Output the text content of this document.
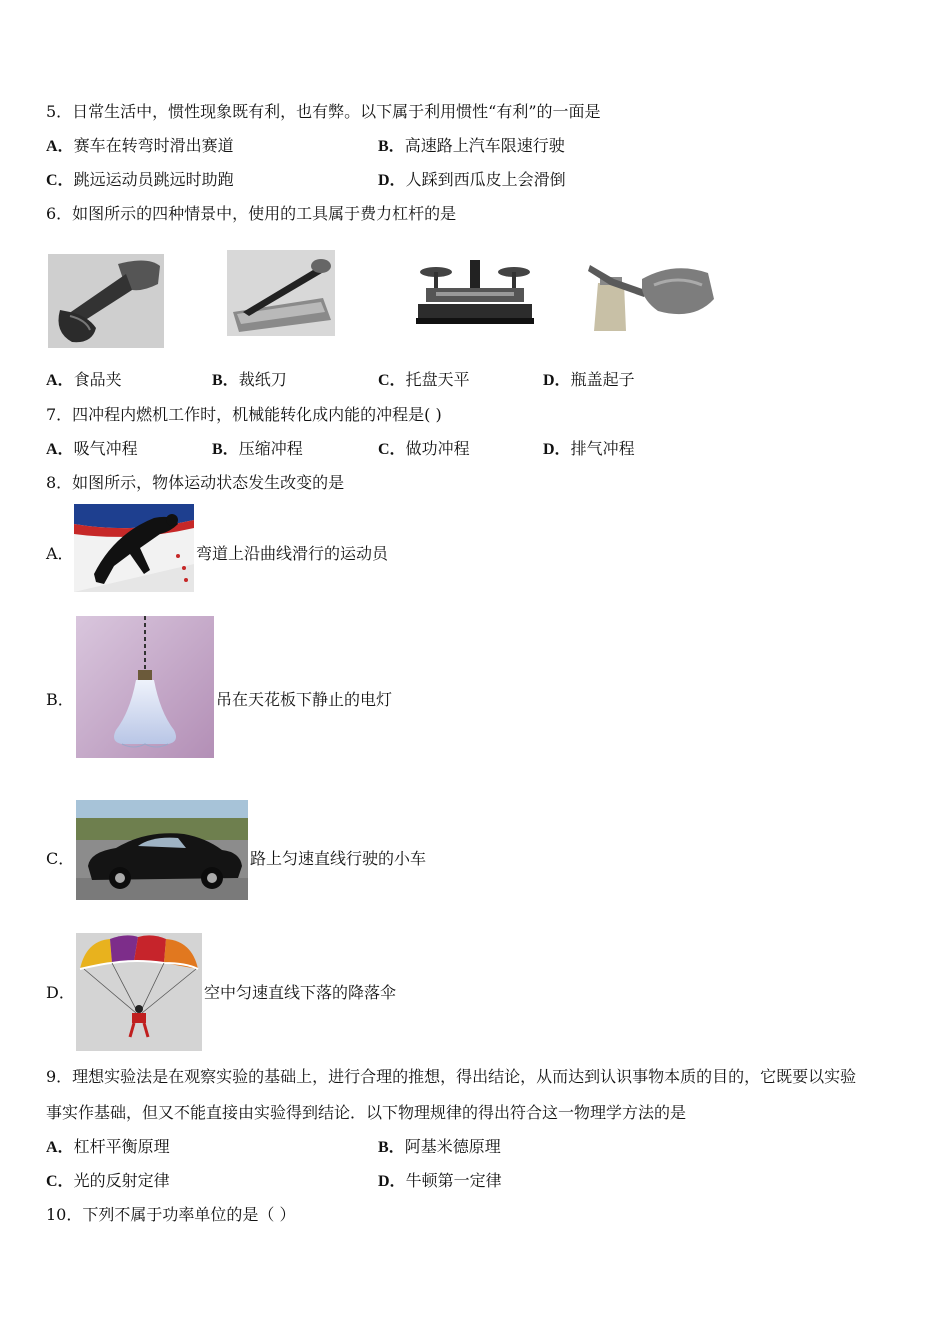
5．日常生活中，惯性现象既有利，也有弊。以下属于利用惯性“有利”的一面是
A．赛车在转弯时滑出赛道	B．高速路上汽车限速行驶
C．跳远运动员跳远时助跑	D．人踩到西瓜皮上会滑倒
6．如图所示的四种情景中，使用的工具属于费力杠杆的是
A．食品夹	B．裁纸刀	C．托盘天平	D．瓶盖起子
7．四冲程内燃机工作时，机械能转化成内能的冲程是( )
A．吸气冲程	B．压缩冲程	C．做功冲程	D．排气冲程
8．如图所示，物体运动状态发生改变的是
A．	弯道上沿曲线滑行的运动员
B．	吊在天花板下静止的电灯
C．	路上匀速直线行驶的小车
D．	空中匀速直线下落的降落伞
9．理想实验法是在观察实验的基础上，进行合理的推想，得出结论，从而达到认识事物本质的目的，它既要以实验
事实作基础，但又不能直接由实验得到结论．以下物理规律的得出符合这一物理学方法的是
A．杠杆平衡原理	B．阿基米德原理
C．光的反射定律	D．牛顿第一定律
10．下列不属于功率单位的是（ ）
